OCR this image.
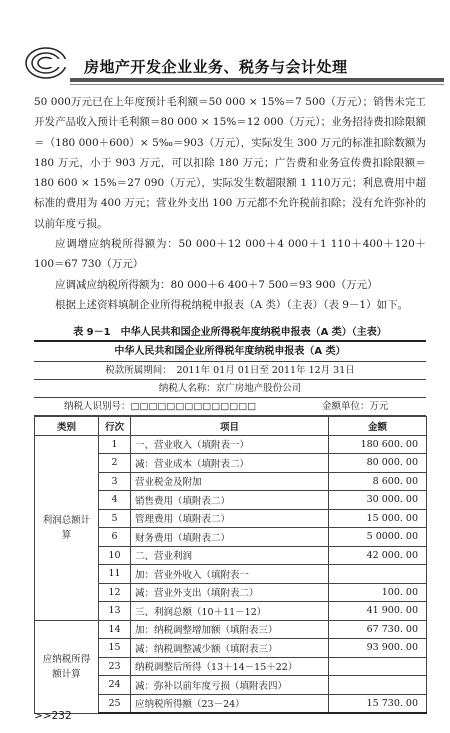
房地产开发企业业务、税务与会计处理

50 000万元已在上年度预计毛利额＝50 000 × 15%＝7 500（万元）；销售未完工开发产品收入预计毛利额＝80 000 × 15%＝12 000（万元）；业务招待费扣除限额＝（180 000＋600）× 5‰＝903（万元），实际发生 300 万元的标准扣除数额为 180 万元，小于 903 万元，可以扣除 180 万元；广告费和业务宣传费扣除限额＝180 600 × 15%＝27 090（万元），实际发生数超限额 1 110万元；利息费用中超标准的费用为 400 万元；营业外支出 100 万元都不允许税前扣除；没有允许弥补的以前年度亏损。

应调增应纳税所得额为：50 000＋12 000＋4 000＋1 110＋400＋120＋100＝67 730（万元）

应调减应纳税所得额为：80 000＋6 400＋7 500＝93 900（万元）

根据上述资料填制企业所得税纳税申报表（A 类）（主表）（表 9－1）如下。

表 9－1　中华人民共和国企业所得税年度纳税申报表（A 类）（主表）
中华人民共和国企业所得税年度纳税申报表（A 类）
税款所属期间：　2011年 01月 01日至 2011年 12月 31日
纳税人名称：京广房地产股份公司
纳税人识别号：□□□□□□□□□□□□□□	金额单位：万元
类别	行次	项目	金额
利润总额计算	1	一、营业收入（填附表一）	180 600. 00
	2	减：营业成本（填附表二）	80 000. 00
	3	营业税金及附加	8 600. 00
	4	销售费用（填附表二）	30 000. 00
	5	管理费用（填附表二）	15 000. 00
	6	财务费用（填附表二）	5 0000. 00
	10	二、营业利润	42 000. 00
	11	加：营业外收入（填附表一	
	12	减：营业外支出（填附表二）	100. 00
	13	三、利润总额（10＋11－12）	41 900. 00
应纳税所得额计算	14	加：纳税调整增加额（填附表三）	67 730. 00
	15	减：纳税调整减少额（填附表三）	93 900. 00
	23	纳税调整后所得（13＋14－15＋22）	
	24	减：弥补以前年度亏损（填附表四）	
	25	应纳税所得额（23－24）	15 730. 00
>>232
